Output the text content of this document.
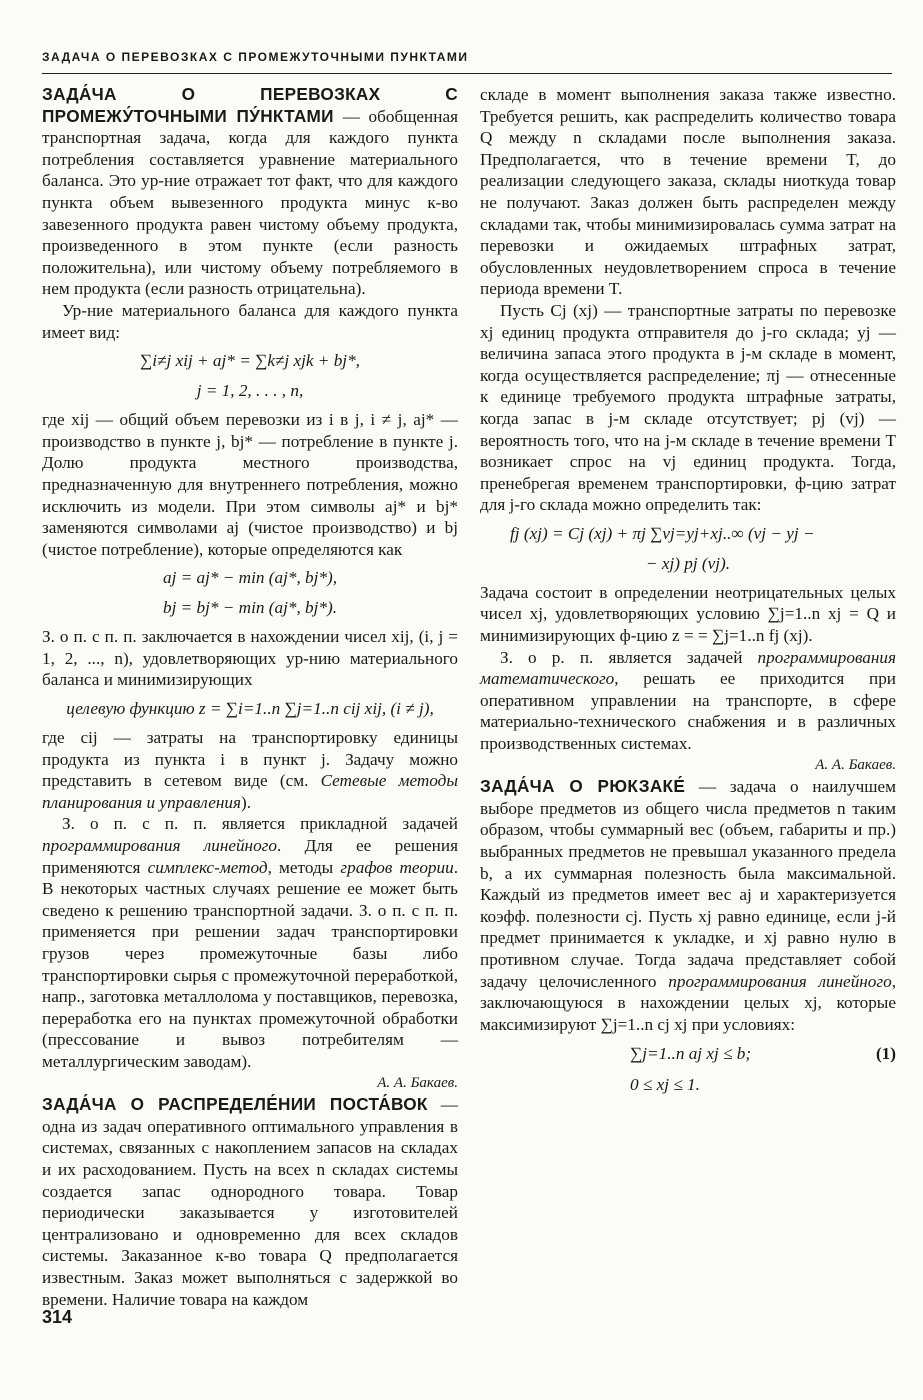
ЗАДАЧА О ПЕРЕВОЗКАХ С ПРОМЕЖУТОЧНЫМИ ПУНКТАМИ

ЗАДА́ЧА О ПЕРЕВОЗКАХ С ПРОМЕЖУ́ТОЧНЫМИ ПУ́НКТАМИ — обобщенная транспортная задача, когда для каждого пункта потребления составляется уравнение материального баланса. Это ур-ние отражает тот факт, что для каждого пункта объем вывезенного продукта минус к-во завезенного продукта равен чистому объему продукта, произведенного в этом пункте (если разность положительна), или чистому объему потребляемого в нем продукта (если разность отрицательна).

Ур-ние материального баланса для каждого пункта имеет вид:

∑i≠j xij + aj* = ∑k≠j xjk + bj*,
j = 1, 2, . . . , n,

где xij — общий объем перевозки из i в j, i ≠ j, aj* — производство в пункте j, bj* — потребление в пункте j. Долю продукта местного производства, предназначенную для внутреннего потребления, можно исключить из модели. При этом символы aj* и bj* заменяются символами aj (чистое производство) и bj (чистое потребление), которые определяются как

aj = aj* − min (aj*, bj*),
bj = bj* − min (aj*, bj*).

З. о п. с п. п. заключается в нахождении чисел xij, (i, j = 1, 2, ..., n), удовлетворяющих ур-нию материального баланса и минимизирующих

целевую функцию z = ∑i=1..n ∑j=1..n cij xij, (i ≠ j),

где cij — затраты на транспортировку единицы продукта из пункта i в пункт j. Задачу можно представить в сетевом виде (см. Сетевые методы планирования и управления).

З. о п. с п. п. является прикладной задачей программирования линейного. Для ее решения применяются симплекс-метод, методы графов теории. В некоторых частных случаях решение ее может быть сведено к решению транспортной задачи. З. о п. с п. п. применяется при решении задач транспортировки грузов через промежуточные базы либо транспортировки сырья с промежуточной переработкой, напр., заготовка металлолома у поставщиков, перевозка, переработка его на пунктах промежуточной обработки (прессование и вывоз потребителям — металлургическим заводам).

А. А. Бакаев.

ЗАДА́ЧА О РАСПРЕДЕЛЕ́НИИ ПОСТА́ВОК — одна из задач оперативного оптимального управления в системах, связанных с накоплением запасов на складах и их расходованием. Пусть на всех n складах системы создается запас однородного товара. Товар периодически заказывается у изготовителей централизовано и одновременно для всех складов системы. Заказанное к-во товара Q предполагается известным. Заказ может выполняться с задержкой во времени. Наличие товара на каждом

складе в момент выполнения заказа также известно. Требуется решить, как распределить количество товара Q между n складами после выполнения заказа. Предполагается, что в течение времени T, до реализации следующего заказа, склады ниоткуда товар не получают. Заказ должен быть распределен между складами так, чтобы минимизировалась сумма затрат на перевозки и ожидаемых штрафных затрат, обусловленных неудовлетворением спроса в течение периода времени T.

Пусть Cj (xj) — транспортные затраты по перевозке xj единиц продукта отправителя до j-го склада; yj — величина запаса этого продукта в j-м складе в момент, когда осуществляется распределение; πj — отнесенные к единице требуемого продукта штрафные затраты, когда запас в j-м складе отсутствует; pj (vj) — вероятность того, что на j-м складе в течение времени T возникает спрос на vj единиц продукта. Тогда, пренебрегая временем транспортировки, ф-цию затрат для j-го склада можно определить так:

fj (xj) = Cj (xj) + πj ∑vj=yj+xj..∞ (vj − yj −
− xj) pj (vj).

Задача состоит в определении неотрицательных целых чисел xj, удовлетворяющих условию ∑j=1..n xj = Q и минимизирующих ф-цию z = = ∑j=1..n fj (xj).

З. о р. п. является задачей программирования математического, решать ее приходится при оперативном управлении на транспорте, в сфере материально-технического снабжения и в различных производственных системах.

А. А. Бакаев.

ЗАДА́ЧА О РЮКЗАКЕ́ — задача о наилучшем выборе предметов из общего числа предметов n таким образом, чтобы суммарный вес (объем, габариты и пр.) выбранных предметов не превышал указанного предела b, а их суммарная полезность была максимальной. Каждый из предметов имеет вес aj и характеризуется коэфф. полезности cj. Пусть xj равно единице, если j-й предмет принимается к укладке, и xj равно нулю в противном случае. Тогда задача представляет собой задачу целочисленного программирования линейного, заключающуюся в нахождении целых xj, которые максимизируют ∑j=1..n cj xj при условиях:

∑j=1..n aj xj ≤ b;	(1)
0 ≤ xj ≤ 1.
314
